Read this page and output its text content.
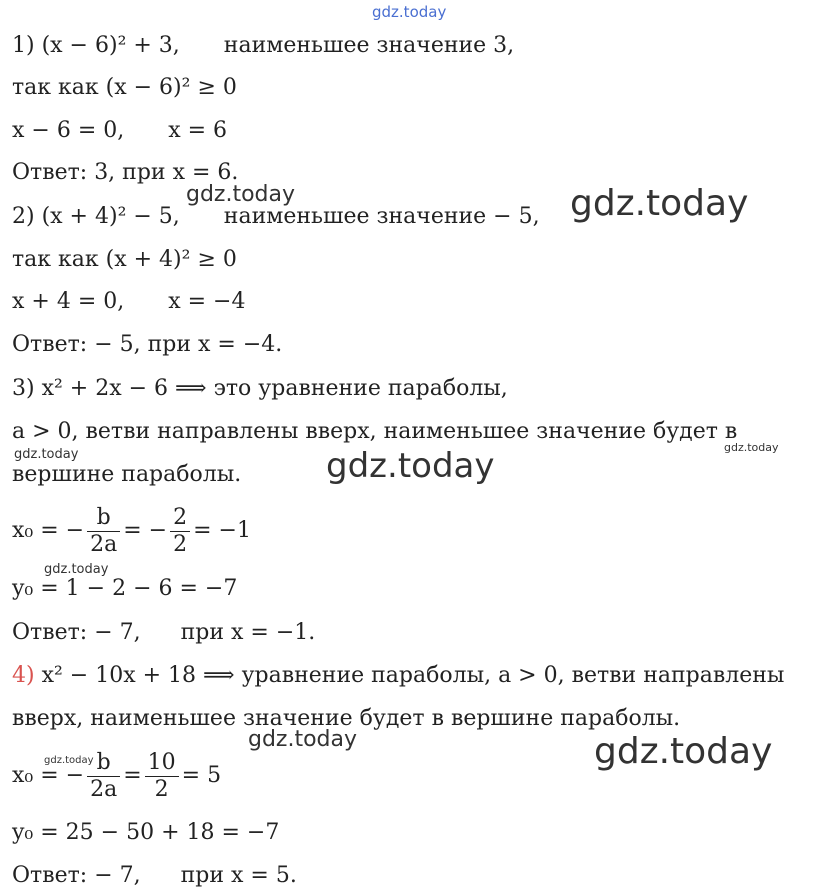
gdz.today
1) (x − 6)² + 3, наименьшее значение 3,
так как (x − 6)² ≥ 0
x − 6 = 0, x = 6
Ответ: 3, при x = 6.
2) (x + 4)² − 5, наименьшее значение − 5,
так как (x + 4)² ≥ 0
x + 4 = 0, x = −4
Ответ: − 5, при x = −4.
3) x² + 2x − 6 ⟹ это уравнение параболы,
a > 0, ветви направлены вверх, наименьшее значение будет в
вершине параболы.
x₀ = − $\frac{b}{2a}$ = − $\frac{2}{2} = -1$
y₀ = 1 − 2 − 6 = −7
Ответ: − 7, при x = −1.
4) x² − 10x + 18 ⟹ уравнение параболы, a > 0, ветви направлены
вверх, наименьшее значение будет в вершине параболы.
x₀ = − $\frac{b}{2a} = \frac{10}{2} = 5$
y₀ = 25 − 50 + 18 = −7
Ответ: − 7, при x = 5.
gdz.today	gdz.today
gdz.today	gdz.today
gdz.today
gdz.today
gdz.today
gdz.today	gdz.today
